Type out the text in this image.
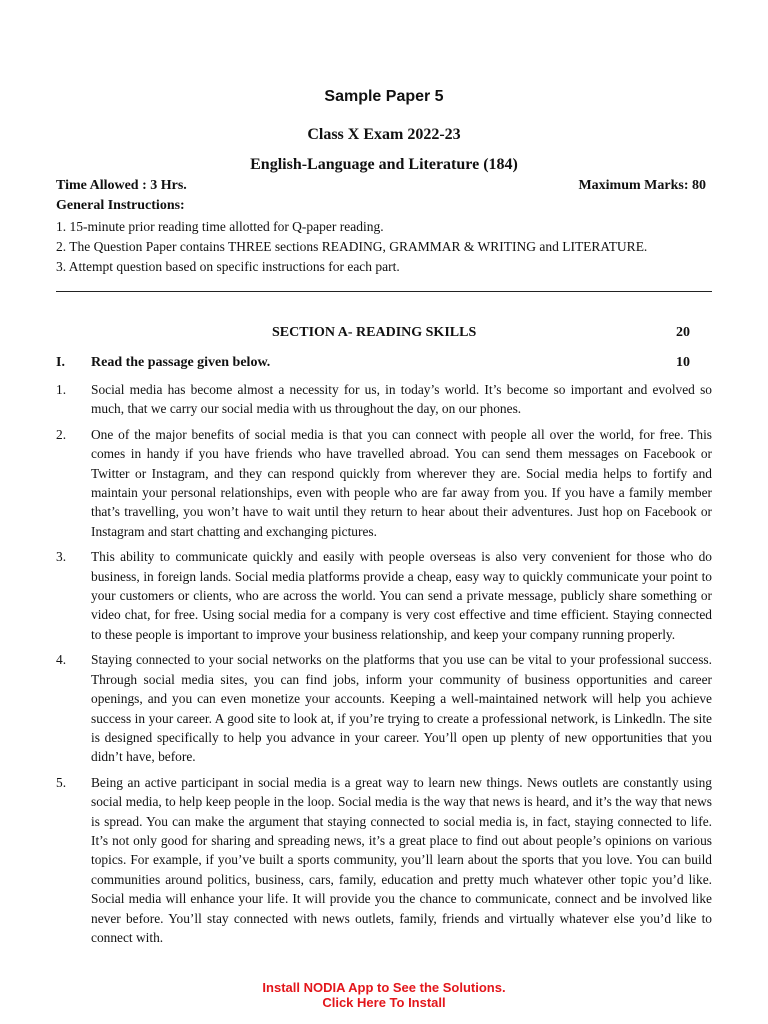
Sample Paper 5
Class X Exam 2022-23
English-Language and Literature (184)
Time Allowed : 3 Hrs.	Maximum Marks: 80
General Instructions:
1. 15-minute prior reading time allotted for Q-paper reading.
2. The Question Paper contains THREE sections READING, GRAMMAR & WRITING and LITERATURE.
3. Attempt question based on specific instructions for each part.
SECTION A- READING SKILLS	20
I. Read the passage given below.	10
1. Social media has become almost a necessity for us, in today’s world. It’s become so important and evolved so much, that we carry our social media with us throughout the day, on our phones.
2. One of the major benefits of social media is that you can connect with people all over the world, for free. This comes in handy if you have friends who have travelled abroad. You can send them messages on Facebook or Twitter or Instagram, and they can respond quickly from wherever they are. Social media helps to fortify and maintain your personal relationships, even with people who are far away from you. If you have a family member that’s travelling, you won’t have to wait until they return to hear about their adventures. Just hop on Facebook or Instagram and start chatting and exchanging pictures.
3. This ability to communicate quickly and easily with people overseas is also very convenient for those who do business, in foreign lands. Social media platforms provide a cheap, easy way to quickly communicate your point to your customers or clients, who are across the world. You can send a private message, publicly share something or video chat, for free. Using social media for a company is very cost effective and time efficient. Staying connected to these people is important to improve your business relationship, and keep your company running properly.
4. Staying connected to your social networks on the platforms that you use can be vital to your professional success. Through social media sites, you can find jobs, inform your community of business opportunities and career openings, and you can even monetize your accounts. Keeping a well-maintained network will help you achieve success in your career. A good site to look at, if you’re trying to create a professional network, is Linkedln. The site is designed specifically to help you advance in your career. You’ll open up plenty of new opportunities that you didn’t have, before.
5. Being an active participant in social media is a great way to learn new things. News outlets are constantly using social media, to help keep people in the loop. Social media is the way that news is heard, and it’s the way that news is spread. You can make the argument that staying connected to social media is, in fact, staying connected to life. It’s not only good for sharing and spreading news, it’s a great place to find out about people’s opinions on various topics. For example, if you’ve built a sports community, you’ll learn about the sports that you love. You can build communities around politics, business, cars, family, education and pretty much whatever other topic you’d like. Social media will enhance your life. It will provide you the chance to communicate, connect and be involved like never before. You’ll stay connected with news outlets, family, friends and virtually whatever else you’d like to connect with.
Install NODIA App to See the Solutions.
Click Here To Install
